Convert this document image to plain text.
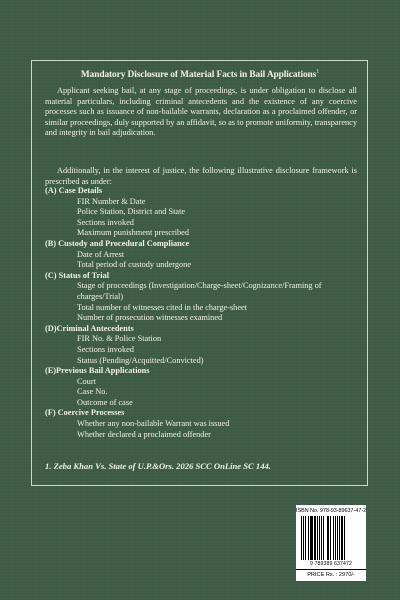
Mandatory Disclosure of Material Facts in Bail Applications$^1$
Applicant seeking bail, at any stage of proceedings, is under obligation to disclose all material particulars, including criminal antecedents and the existence of any coercive processes such as issuance of non-bailable warrants, declaration as a proclaimed offender, or similar proceedings, duly supported by an affidavit, so as to promote uniformity, transparency and integrity in bail adjudication.
Additionally, in the interest of justice, the following illustrative disclosure framework is prescribed as under:
(A) Case Details
FIR Number & Date
Police Station, District and State
Sections invoked
Maximum punishment prescribed
(B) Custody and Procedural Compliance
Date of Arrest
Total period of custody undergone
(C) Status of Trial
Stage of proceedings (Investigation/Charge-sheet/Cognizance/Framing of charges/Trial)
Total number of witnesses cited in the charge-sheet
Number of prosecution witnesses examined
(D)Criminal Antecedents
FIR No. & Police Station
Sections invoked
Status (Pending/Acquitted/Convicted)
(E)Previous Bail Applications
Court
Case No.
Outcome of case
(F) Coercive Processes
Whether any non-bailable Warrant was issued
Whether declared a proclaimed offender
1. Zeba Khan Vs. State of U.P.&Ors. 2026 SCC OnLine SC 144.
ISBN No. 978-93-89637-47-2
9 789389 637472
PRICE Rs. : 2970/-
